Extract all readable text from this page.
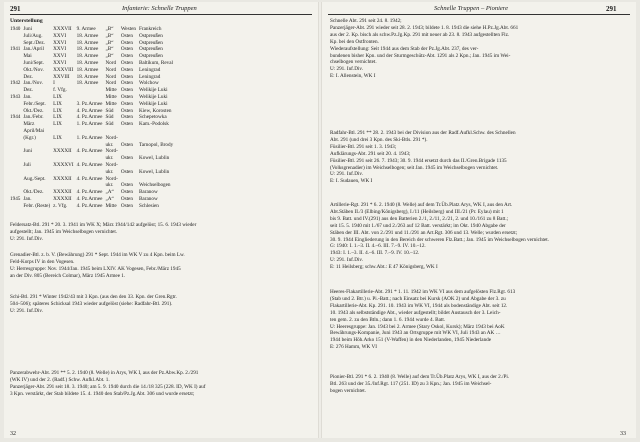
291	Infanterie: Schnelle Truppen
Unterstellung
1940	Juni	XXXVII	9. Armee	„B“	Westen	Frankreich
	Juli/Aug.	XXVI	18. Armee	„B“	Osten	Ostpreußen
	Sept./Dez.	XXVI	18. Armee	„B“	Osten	Ostpreußen
1941	Jan./April	XXVI	18. Armee	„B“	Osten	Ostpreußen
	Mai	XXVI	18. Armee	„B“	Osten	Ostpreußen
	Juni/Sept.	XXVI	18. Armee	Nord	Osten	Baltikum, Reval
	Okt./Nov.	XXXVIII	18. Armee	Nord	Osten	Leningrad
	Dez.	XXVIII	18. Armee	Nord	Osten	Leningrad
1942	Jan./Nov.	I	18. Armee	Nord	Osten	Wolchow
	Dez.	f. Vfg.		Mitte	Osten	Welikije Luki
1943	Jan.	LIX		Mitte	Osten	Welikije Luki
	Febr./Sept.	LIX	3. Pz.Armee	Mitte	Osten	Welikije Luki
	Okt./Dez.	LIX	4. Pz.Armee	Süd	Osten	Kiew, Korosten
1944	Jan./Febr.	LIX	4. Pz.Armee	Süd	Osten	Schepetowka
	März	LIX	1. Pz.Armee	Süd	Osten	Kam.-Podolsk
	April/Mai					
	(Kgr.)	LIX	1. Pz.Armee	Nord-		
				ukr.	Osten	Tarnopol, Brody
	Juni	XXXXII	4. Pz.Armee	Nord-		
				ukr.	Osten	Kowel, Lublin
	Juli	XXXXVI	4. Pz.Armee	Nord-		
				ukr.	Osten	Kowel, Lublin
	Aug./Sept.	XXXXII	4. Pz.Armee	Nord-		
				ukr.	Osten	Weichselbogen
	Okt./Dez.	XXXXII	4. Pz.Armee	„A“	Osten	Baranow
1945	Jan.	XXXXII	4. Pz.Armee	„A“	Osten	Baranow
	Febr. (Reste)	z. Vfg.	4. Pz.Armee	Mitte	Osten	Schlesien
Feldersatz-Btl. 291 * 20. 3. 1941 im WK X; März 1944/142 aufgelöst; 15. 6. 1943 wieder
aufgestellt; Jan. 1945 im Weichselbogen vernichtet.
U: 291. Inf.Div.
Grenadier-Btl. z. b. V. (Bewährung) 291 * Sept. 1944 im WK V zu 4 Kpn. beim Lw.
Feld-Korps IV in den Vogesen.
U: Herresgruppe: Nov. 1944/Jan. 1945 beim LXIV. AK Vogesen, Febr./März 1945
an der Div. 805 (Bereich Colmar), März 1945 Armee 1.
Schi-Btl. 291 * Winter 1942/43 mit 3 Kpn. (aus den den 33. Kpn. der Gren.Rgtr.
504–506); späteres Schicksal 1943 wieder aufgelöst (siehe: Radfahr-Btl. 291).
U: 291. Inf.Div.
Panzerabwehr-Abt. 291 ** 5. 2. 1940 (8. Welle) in Arys, WK I, aus der Pz.Abw.Kp. 2./291
(WK IV) und der 2. (Radf.) Schw. Aufkl.Abt. 1.
Panzerjäger-Abt. 291 seit 18. 3. 1940; am 5. 9. 1940 durch die 14./18 325 (228. ID, WK I) auf
3 Kpn. verstärkt, der Stab bildete 15. 4. 1940 den Stab/Pz.Jg.Abt. 306 und wurde ersetzt;
32
Schnelle Truppen – Pioniere	291
Schnelle Abt. 291 seit 24. 8. 1942;
Panzerjäger-Abt. 291 wieder seit 28. 2. 1943; bildete 1. 8. 1943 die siehe H.Pz.Jg.Abt. 661
aus der 2. Kp. bisch als schw.Pz.Jg.Kp. 291 mit neuer ab 23. 8. 1943 aufgestellten Flz.
Kp. bei den Ostfronten.
Wiederaufstellung: Seit 1944 aus dem Stab der Pz.Jg.Abt. 237, des ver-
bundenen bisher Kpn. und der Sturmgeschütz-Abt. 1291 als 2 Kpn.; Jan. 1945 im Wei-
chselbogen vernichtet.
U: 291. Inf.Div.
E: I. Allenstein, WK I
Radfahr-Btl. 291 ** 28. 2. 1943 bei der Division aus der Radf.Aufkl.Schw. des Schnellen
Abt. 291 (und drei 3 Kpn. des Ski-Btls. 291 *).
Füsilier-Btl. 291 seit 1. 3. 1943;
Aufklärungs-Abt. 291 seit 20. 4. 1943;
Füsilier-Btl. 291 seit 26. 7. 1943; 30. 9. 1944 ersetzt durch das II./Gren.Brigade 1135
(Volksgrenadier) im Weichselbogen; seit Jan. 1945 im Weichselbogen vernichtet.
U: 291. Inf.Div.
E: I. Sudauen, WK I
Artillerie-Rgt. 291 * 6. 2. 1940 (8. Welle) auf dem Tr.Üb.Platz Arys, WK I, aus den Art.
Abt.Stäben II./3 (Elbing/Königsberg), I./11 (Heilsberg) und III./21 (Pr. Eylau) mit 1
bis 9. Batt. und IV.(291) aus den Batterien 2./1, 2./11, 2./21, 2. und 10./161 zu 8 Batt.;
seit 15. 5. 1940 mit 1./67 und 2./263 auf 12 Batt. verstärkt; im Okt. 1940 Abgabe der
Stäben der III. Abt. von 2./291 und 11./291 an Art.Rgt. 306 und 13. Welle; wurden ersetzt;
30. 9. 1944 Eingliederung in den Bereich der schweren Flz.Batt.; Jan. 1945 im Weichselbogen vernichtet.
G: 1940: I. 1.–3. II. 4.–6. III. 7.–9. IV. 10.–12.
1943: I. 1.–3. II. 4.–6. III. 7.–9. IV. 10.–12.
U: 291. Inf.Div.
E: 11 Heilsberg; schw.Abt.: E 47 Königsberg, WK I
Heeres-Flakartillerie-Abt. 291 * 1. 11. 1942 im WK VI aus dem aufgelösten Flz.Rgt. 613
(Stab und 2. Btr.) u. Pi.-Batt.; nach Einsatz bei Kursk (AOK 2) und Abgabe der 3. zu
Flakartillerie-Abt. Kp. 291. 10. 1943 im WK VI, 1944 als bodenständige Abt. seit 12.
10. 1943 als selbstständige Abt., wieder aufgestellt; bildet Austausch der 3. Leich-
ten gem. 2. zu den Btln.; dann 1. 6. 1944 wurde 4. Batt.
U: Heeresgruppe: Jan. 1943 bei 2. Armee (Stary Oskol, Kursk); März 1943 bei AoK
Bewährungs-Kompanie, Juni 1943 an Ortsgruppe mit WK VI, Juli 1943 an AK …
1944 beim Höh.Arko 151 (V-Waffen) in den Niederlanden, 1945 Niederlande
E: 276 Hamm, WK VI
Pionier-Btl. 291 * 6. 2. 1940 (8. Welle) auf dem Tr.Üb.Platz Arys, WK I, aus der 2./Pi.
Btl. 263 und der 35./Inf.Rgt. 117 (251. ID) zu 3 Kpn.; Jan. 1945 im Weichsel-
bogen vernichtet.
33
